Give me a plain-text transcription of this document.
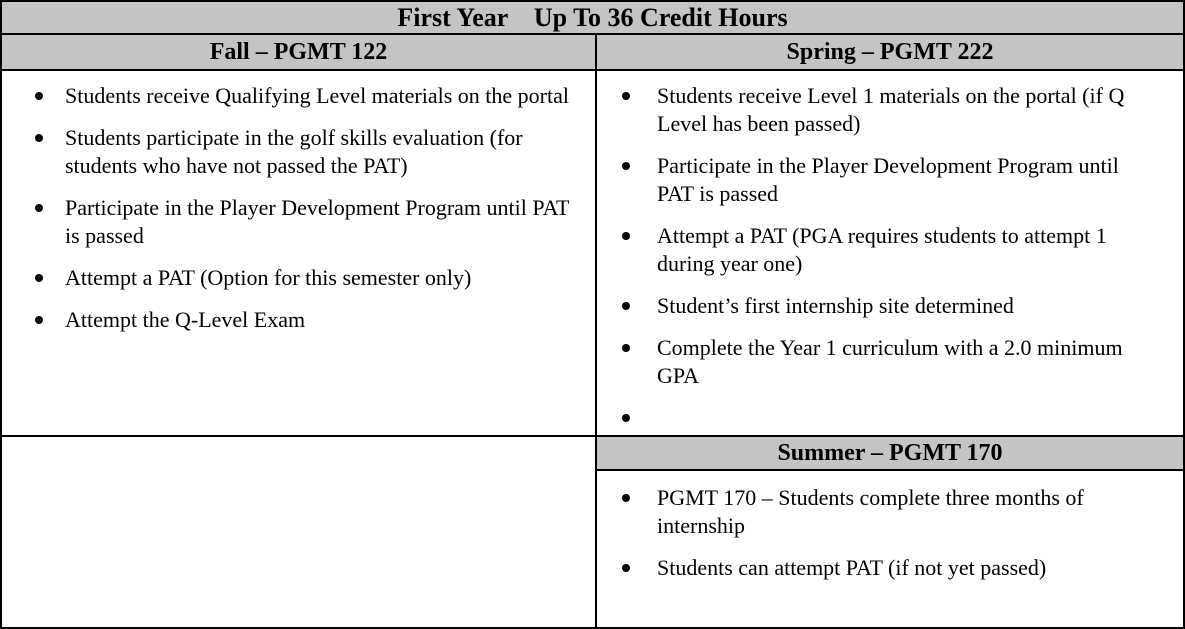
First Year    Up To 36 Credit Hours
Fall – PGMT 122	Spring – PGMT 222
Students receive Qualifying Level materials on the portal
Students participate in the golf skills evaluation (for students who have not passed the PAT)
Participate in the Player Development Program until PAT is passed
Attempt a PAT (Option for this semester only)
Attempt the Q-Level Exam
Students receive Level 1 materials on the portal (if Q Level has been passed)
Participate in the Player Development Program until PAT is passed
Attempt a PAT (PGA requires students to attempt 1 during year one)
Student’s first internship site determined
Complete the Year 1 curriculum with a 2.0 minimum GPA
Summer – PGMT 170
PGMT 170 – Students complete three months of internship
Students can attempt PAT (if not yet passed)
